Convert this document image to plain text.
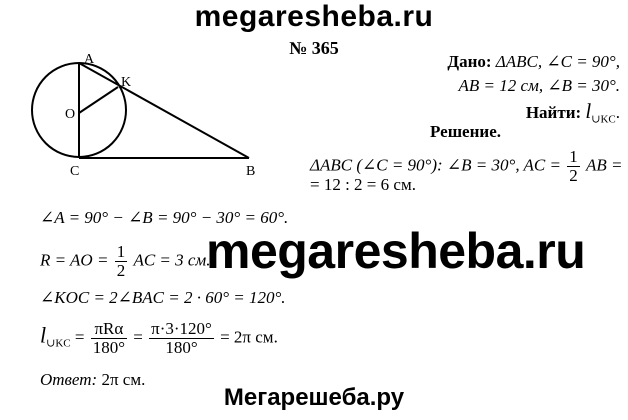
megaresheba.ru
№ 365
A
K
O
C	B
Дано: ΔABC, ∠C = 90°,
AB = 12 см, ∠B = 30°.
Найти: $l_{\cup KC}$.
Решение.
ΔABC (∠C = 90°): ∠B = 30°, AC = $\frac{1}{2}$ AB =
= 12 : 2 = 6 см.
∠A = 90° − ∠B = 90° − 30° = 60°.
R = AO = $\frac{1}{2}$ AC = 3 см.
∠KOC = 2∠BAC = 2 · 60° = 120°.
$l_{\cup KC} = \frac{\text{πRα}}{180^\circ} = \frac{\pi\cdot 3\cdot 120^\circ}{180^\circ} = 2\pi$ см.
Ответ: 2π см.
megaresheba.ru
Мегарешеба.ру
